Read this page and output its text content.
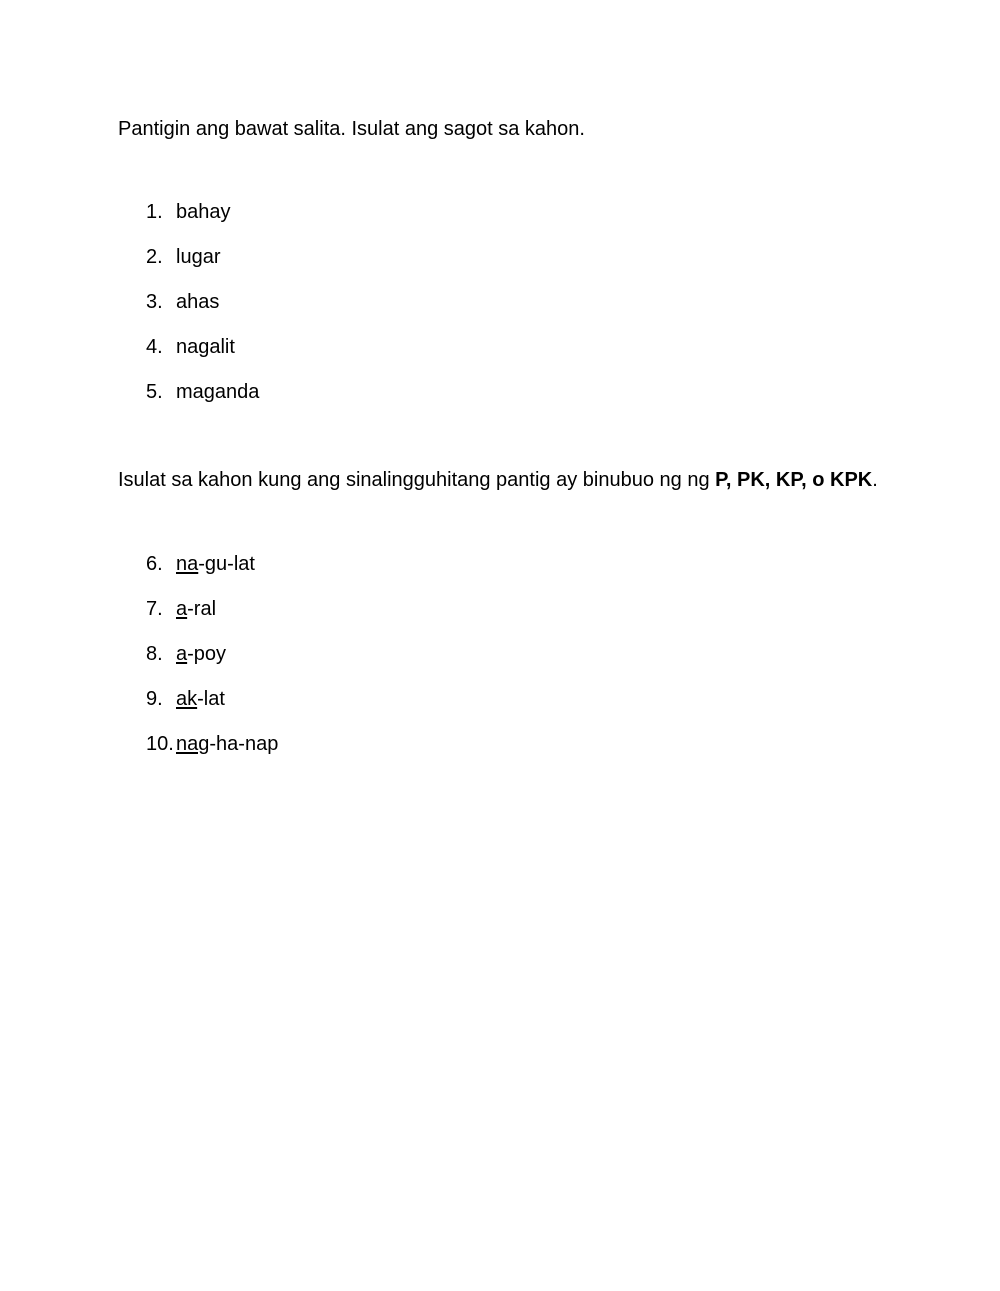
Pantigin ang bawat salita. Isulat ang sagot sa kahon.

1. bahay
2. lugar
3. ahas
4. nagalit
5. maganda

Isulat sa kahon kung ang sinalingguhitang pantig ay binubuo ng ng P, PK, KP, o KPK.

6. na-gu-lat
7. a-ral
8. a-poy
9. ak-lat
10. nag-ha-nap
